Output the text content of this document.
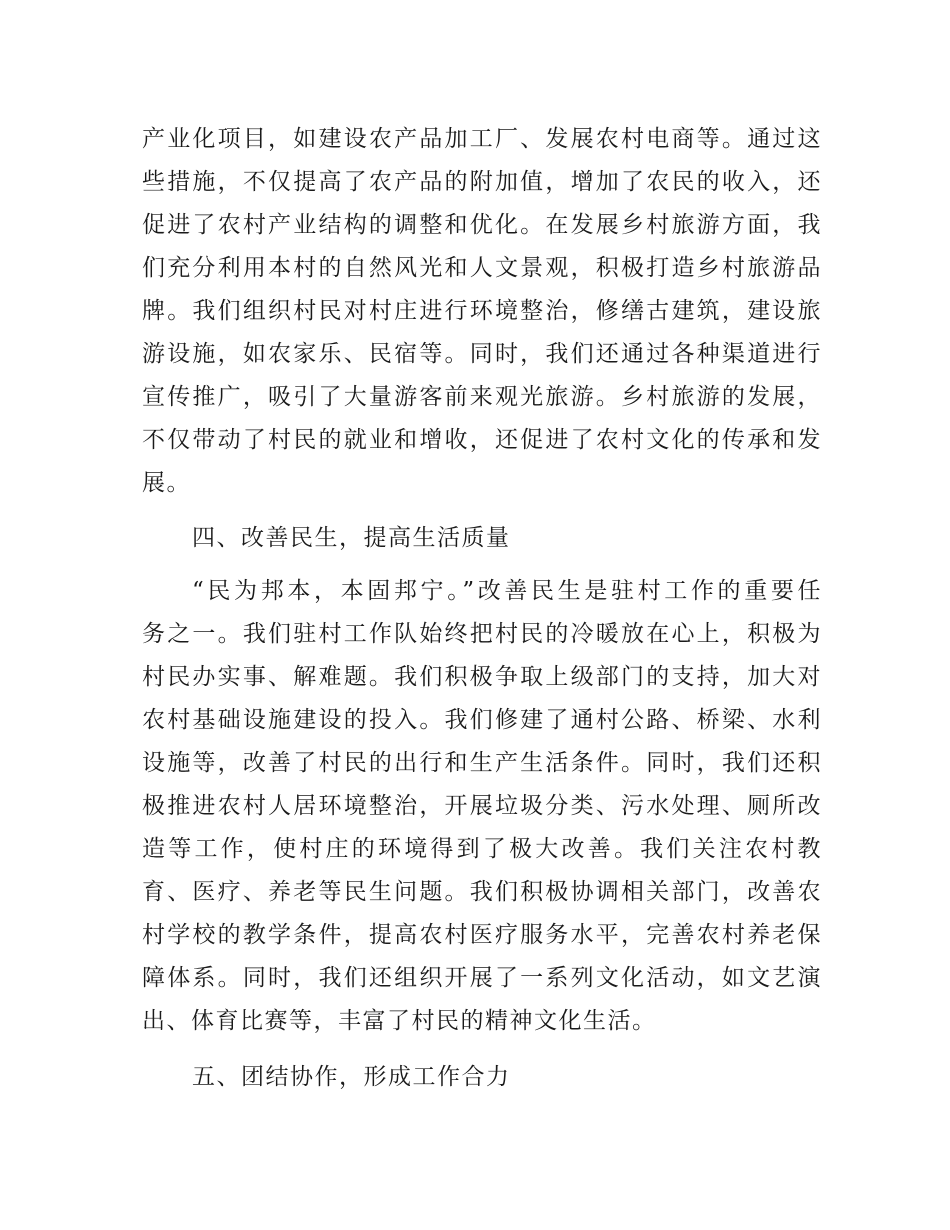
产业化项目，如建设农产品加工厂、发展农村电商等。通过这
些措施，不仅提高了农产品的附加值，增加了农民的收入，还
促进了农村产业结构的调整和优化。在发展乡村旅游方面，我
们充分利用本村的自然风光和人文景观，积极打造乡村旅游品
牌。我们组织村民对村庄进行环境整治，修缮古建筑，建设旅
游设施，如农家乐、民宿等。同时，我们还通过各种渠道进行
宣传推广，吸引了大量游客前来观光旅游。乡村旅游的发展，
不仅带动了村民的就业和增收，还促进了农村文化的传承和发
展。
四、改善民生，提高生活质量
“民为邦本，本固邦宁。”改善民生是驻村工作的重要任
务之一。我们驻村工作队始终把村民的冷暖放在心上，积极为
村民办实事、解难题。我们积极争取上级部门的支持，加大对
农村基础设施建设的投入。我们修建了通村公路、桥梁、水利
设施等，改善了村民的出行和生产生活条件。同时，我们还积
极推进农村人居环境整治，开展垃圾分类、污水处理、厕所改
造等工作，使村庄的环境得到了极大改善。我们关注农村教
育、医疗、养老等民生问题。我们积极协调相关部门，改善农
村学校的教学条件，提高农村医疗服务水平，完善农村养老保
障体系。同时，我们还组织开展了一系列文化活动，如文艺演
出、体育比赛等，丰富了村民的精神文化生活。
五、团结协作，形成工作合力
